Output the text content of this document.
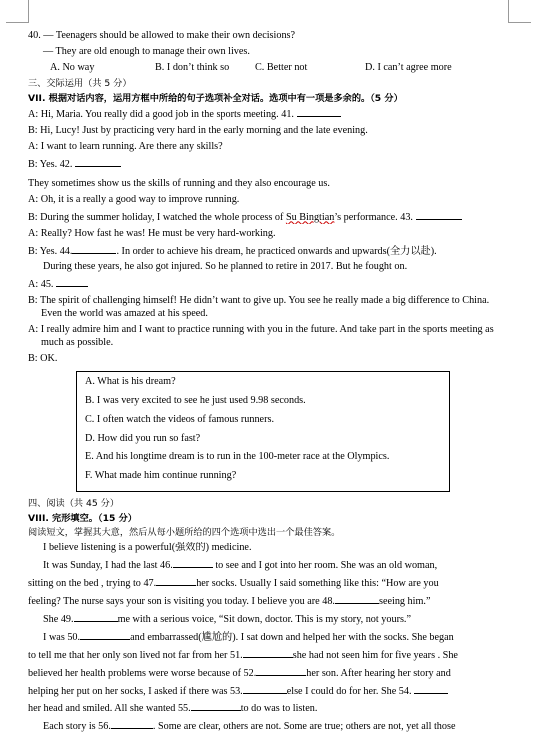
40. — Teenagers should be allowed to make their own decisions?
— They are old enough to manage their own lives.
A. No way	B. I don’t think so	C. Better not	D. I can’t agree more
三、交际运用（共 5 分）
VII. 根据对话内容，运用方框中所给的句子选项补全对话。选项中有一项是多余的。（5 分）
A: Hi, Maria. You really did a good job in the sports meeting. 41.
B: Hi, Lucy! Just by practicing very hard in the early morning and the late evening.
A: I want to learn running. Are there any skills?
B: Yes. 42.
They sometimes show us the skills of running and they also encourage us.
A: Oh, it is a really a good way to improve running.
B: During the summer holiday, I watched the whole process of Su Bingtian’s performance. 43.
A: Really? How fast he was! He must be very hard-working.
B: Yes. 44.	. In order to achieve his dream, he practiced onwards and upwards(全力以赴).
During these years, he also got injured. So he planned to retire in 2017. But he fought on.
A: 45.
B: The spirit of challenging himself! He didn’t want to give up. You see he really made a big difference to China. Even the world was amazed at his speed.
A: I really admire him and I want to practice running with you in the future. And take part in the sports meeting as much as possible.
B: OK.
A. What is his dream?
B. I was very excited to see he just used 9.98 seconds.
C. I often watch the videos of famous runners.
D. How did you run so fast?
E. And his longtime dream is to run in the 100-meter race at the Olympics.
F. What made him continue running?
四、阅读（共 45 分）
VIII. 完形填空。（15 分）
阅读短文，掌握其大意，然后从每小题所给的四个选项中选出一个最佳答案。
I believe listening is a powerful(强效的) medicine.
It was Sunday, I had the last 46.	to see and I got into her room. She was an old woman,
sitting on the bed , trying to 47.	her socks. Usually I said something like this: “How are you
feeling? The nurse says your son is visiting you today. I believe you are 48.	seeing him.”
She 49.	me with a serious voice, “Sit down, doctor. This is my story, not yours.”
I was 50.	and embarrassed(尴尬的). I sat down and helped her with the socks. She began
to tell me that her only son lived not far from her 51.	she had not seen him for five years . She
believed her health problems were worse because of 52.	her son. After hearing her story and
helping her put on her socks, I asked if there was 53.	else I could do for her. She 54.
her head and smiled. All she wanted 55.	to do was to listen.
Each story is 56.	. Some are clear, others are not. Some are true; others are not, yet all those
